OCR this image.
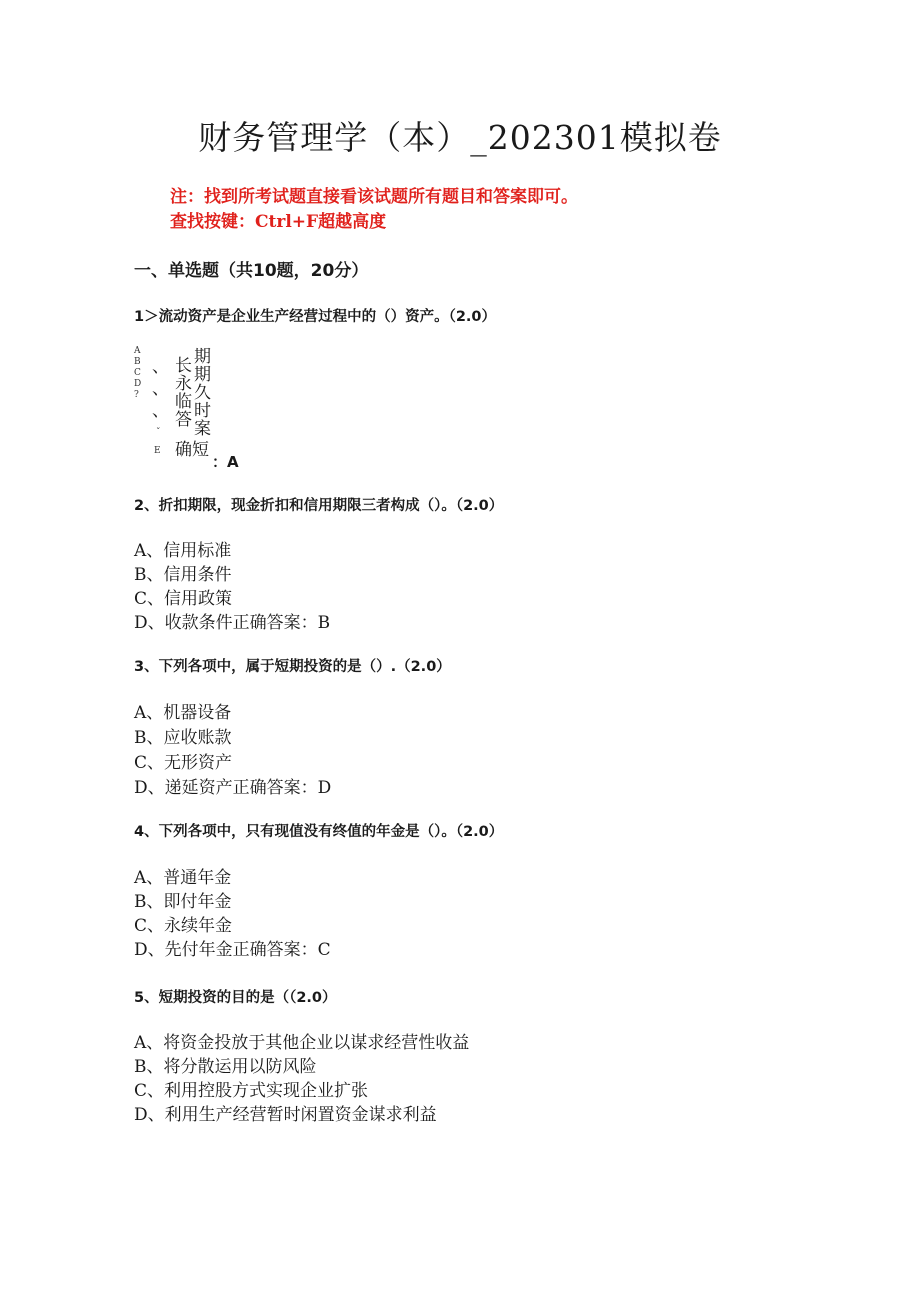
财务管理学（本）_202301模拟卷
注：找到所考试题直接看该试题所有题目和答案即可。
查找按键：Ctrl+F超越高度
一、单选题（共10题，20分）
1＞流动资产是企业生产经营过程中的（）资产。（2.0）
A
B
C
D
?
、
、
、
ˇ
E
长
永
临
答
期
期
久
时
案
确短
：A
2、折扣期限，现金折扣和信用期限三者构成（）。（2.0）
A、信用标准
B、信用条件
C、信用政策
D、收款条件正确答案：B
3、下列各项中，属于短期投资的是（）.（2.0）
A、机器设备
B、应收账款
C、无形资产
D、递延资产正确答案：D
4、下列各项中，只有现值没有终值的年金是（）。（2.0）
A、普通年金
B、即付年金
C、永续年金
D、先付年金正确答案：C
5、短期投资的目的是（（2.0）
A、将资金投放于其他企业以谋求经营性收益
B、将分散运用以防风险
C、利用控股方式实现企业扩张
D、利用生产经营暂时闲置资金谋求利益
